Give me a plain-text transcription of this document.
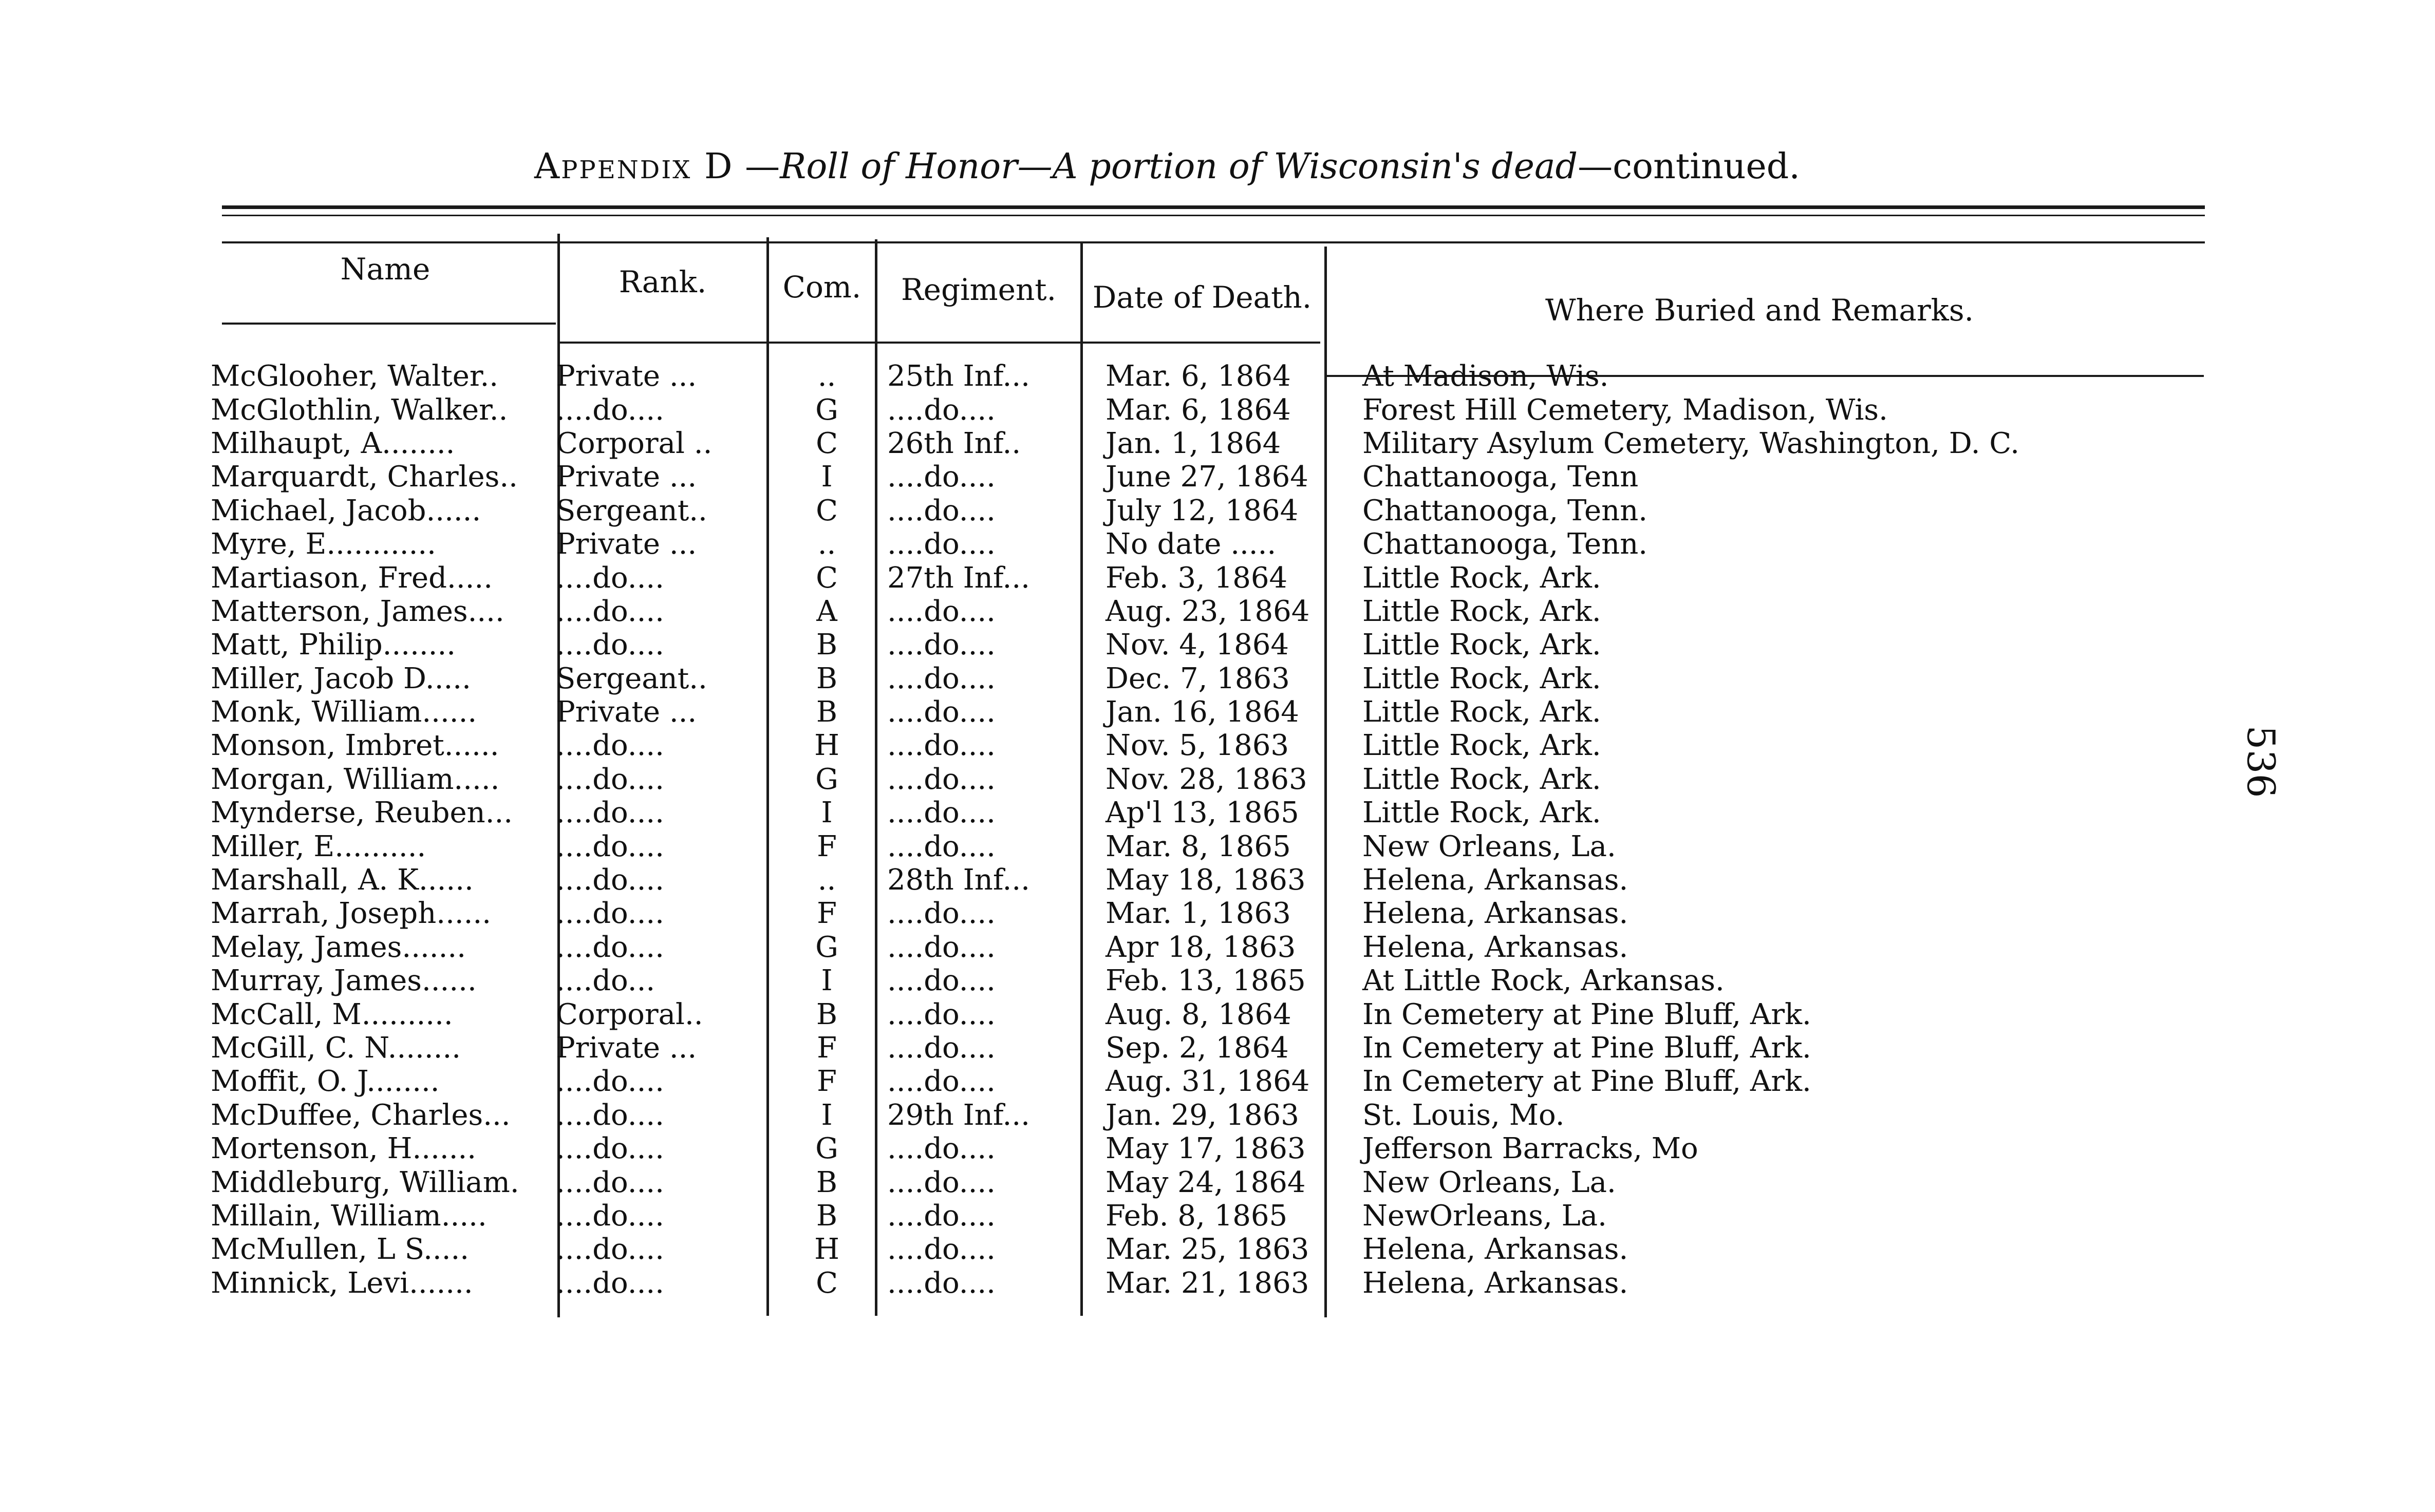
Appendix D —Roll of Honor—A portion of Wisconsin's dead—continued.
Name	Rank.	Com.	Regiment.	Date of Death.	Where Buried and Remarks.
McGlooher, Walter..	Private ...	..	25th Inf...	Mar. 6, 1864	At Madison, Wis.
McGlothlin, Walker..	....do....	G	....do....	Mar. 6, 1864	Forest Hill Cemetery, Madison, Wis.
Milhaupt, A........	Corporal ..	C	26th Inf..	Jan. 1, 1864	Military Asylum Cemetery, Washington, D. C.
Marquardt, Charles..	Private ...	I	....do....	June 27, 1864	Chattanooga, Tenn
Michael, Jacob......	Sergeant..	C	....do....	July 12, 1864	Chattanooga, Tenn.
Myre, E............	Private ...	..	....do....	No date .....	Chattanooga, Tenn.
Martiason, Fred.....	....do....	C	27th Inf...	Feb. 3, 1864	Little Rock, Ark.
Matterson, James....	....do....	A	....do....	Aug. 23, 1864	Little Rock, Ark.
Matt, Philip........	....do....	B	....do....	Nov. 4, 1864	Little Rock, Ark.
Miller, Jacob D.....	Sergeant..	B	....do....	Dec. 7, 1863	Little Rock, Ark.
Monk, William......	Private ...	B	....do....	Jan. 16, 1864	Little Rock, Ark.
Monson, Imbret......	....do....	H	....do....	Nov. 5, 1863	Little Rock, Ark.
Morgan, William.....	....do....	G	....do....	Nov. 28, 1863	Little Rock, Ark.
Mynderse, Reuben...	....do....	I	....do....	Ap'l 13, 1865	Little Rock, Ark.
Miller, E..........	....do....	F	....do....	Mar. 8, 1865	New Orleans, La.
Marshall, A. K......	....do....	..	28th Inf...	May 18, 1863	Helena, Arkansas.
Marrah, Joseph......	....do....	F	....do....	Mar. 1, 1863	Helena, Arkansas.
Melay, James.......	....do....	G	....do....	Apr 18, 1863	Helena, Arkansas.
Murray, James......	....do...	I	....do....	Feb. 13, 1865	At Little Rock, Arkansas.
McCall, M..........	Corporal..	B	....do....	Aug. 8, 1864	In Cemetery at Pine Bluff, Ark.
McGill, C. N........	Private ...	F	....do....	Sep. 2, 1864	In Cemetery at Pine Bluff, Ark.
Moffit, O. J........	....do....	F	....do....	Aug. 31, 1864	In Cemetery at Pine Bluff, Ark.
McDuffee, Charles...	....do....	I	29th Inf...	Jan. 29, 1863	St. Louis, Mo.
Mortenson, H.......	....do....	G	....do....	May 17, 1863	Jefferson Barracks, Mo
Middleburg, William.	....do....	B	....do....	May 24, 1864	New Orleans, La.
Millain, William.....	....do....	B	....do....	Feb. 8, 1865	NewOrleans, La.
McMullen, L S.....	....do....	H	....do....	Mar. 25, 1863	Helena, Arkansas.
Minnick, Levi.......	....do....	C	....do....	Mar. 21, 1863	Helena, Arkansas.
536
